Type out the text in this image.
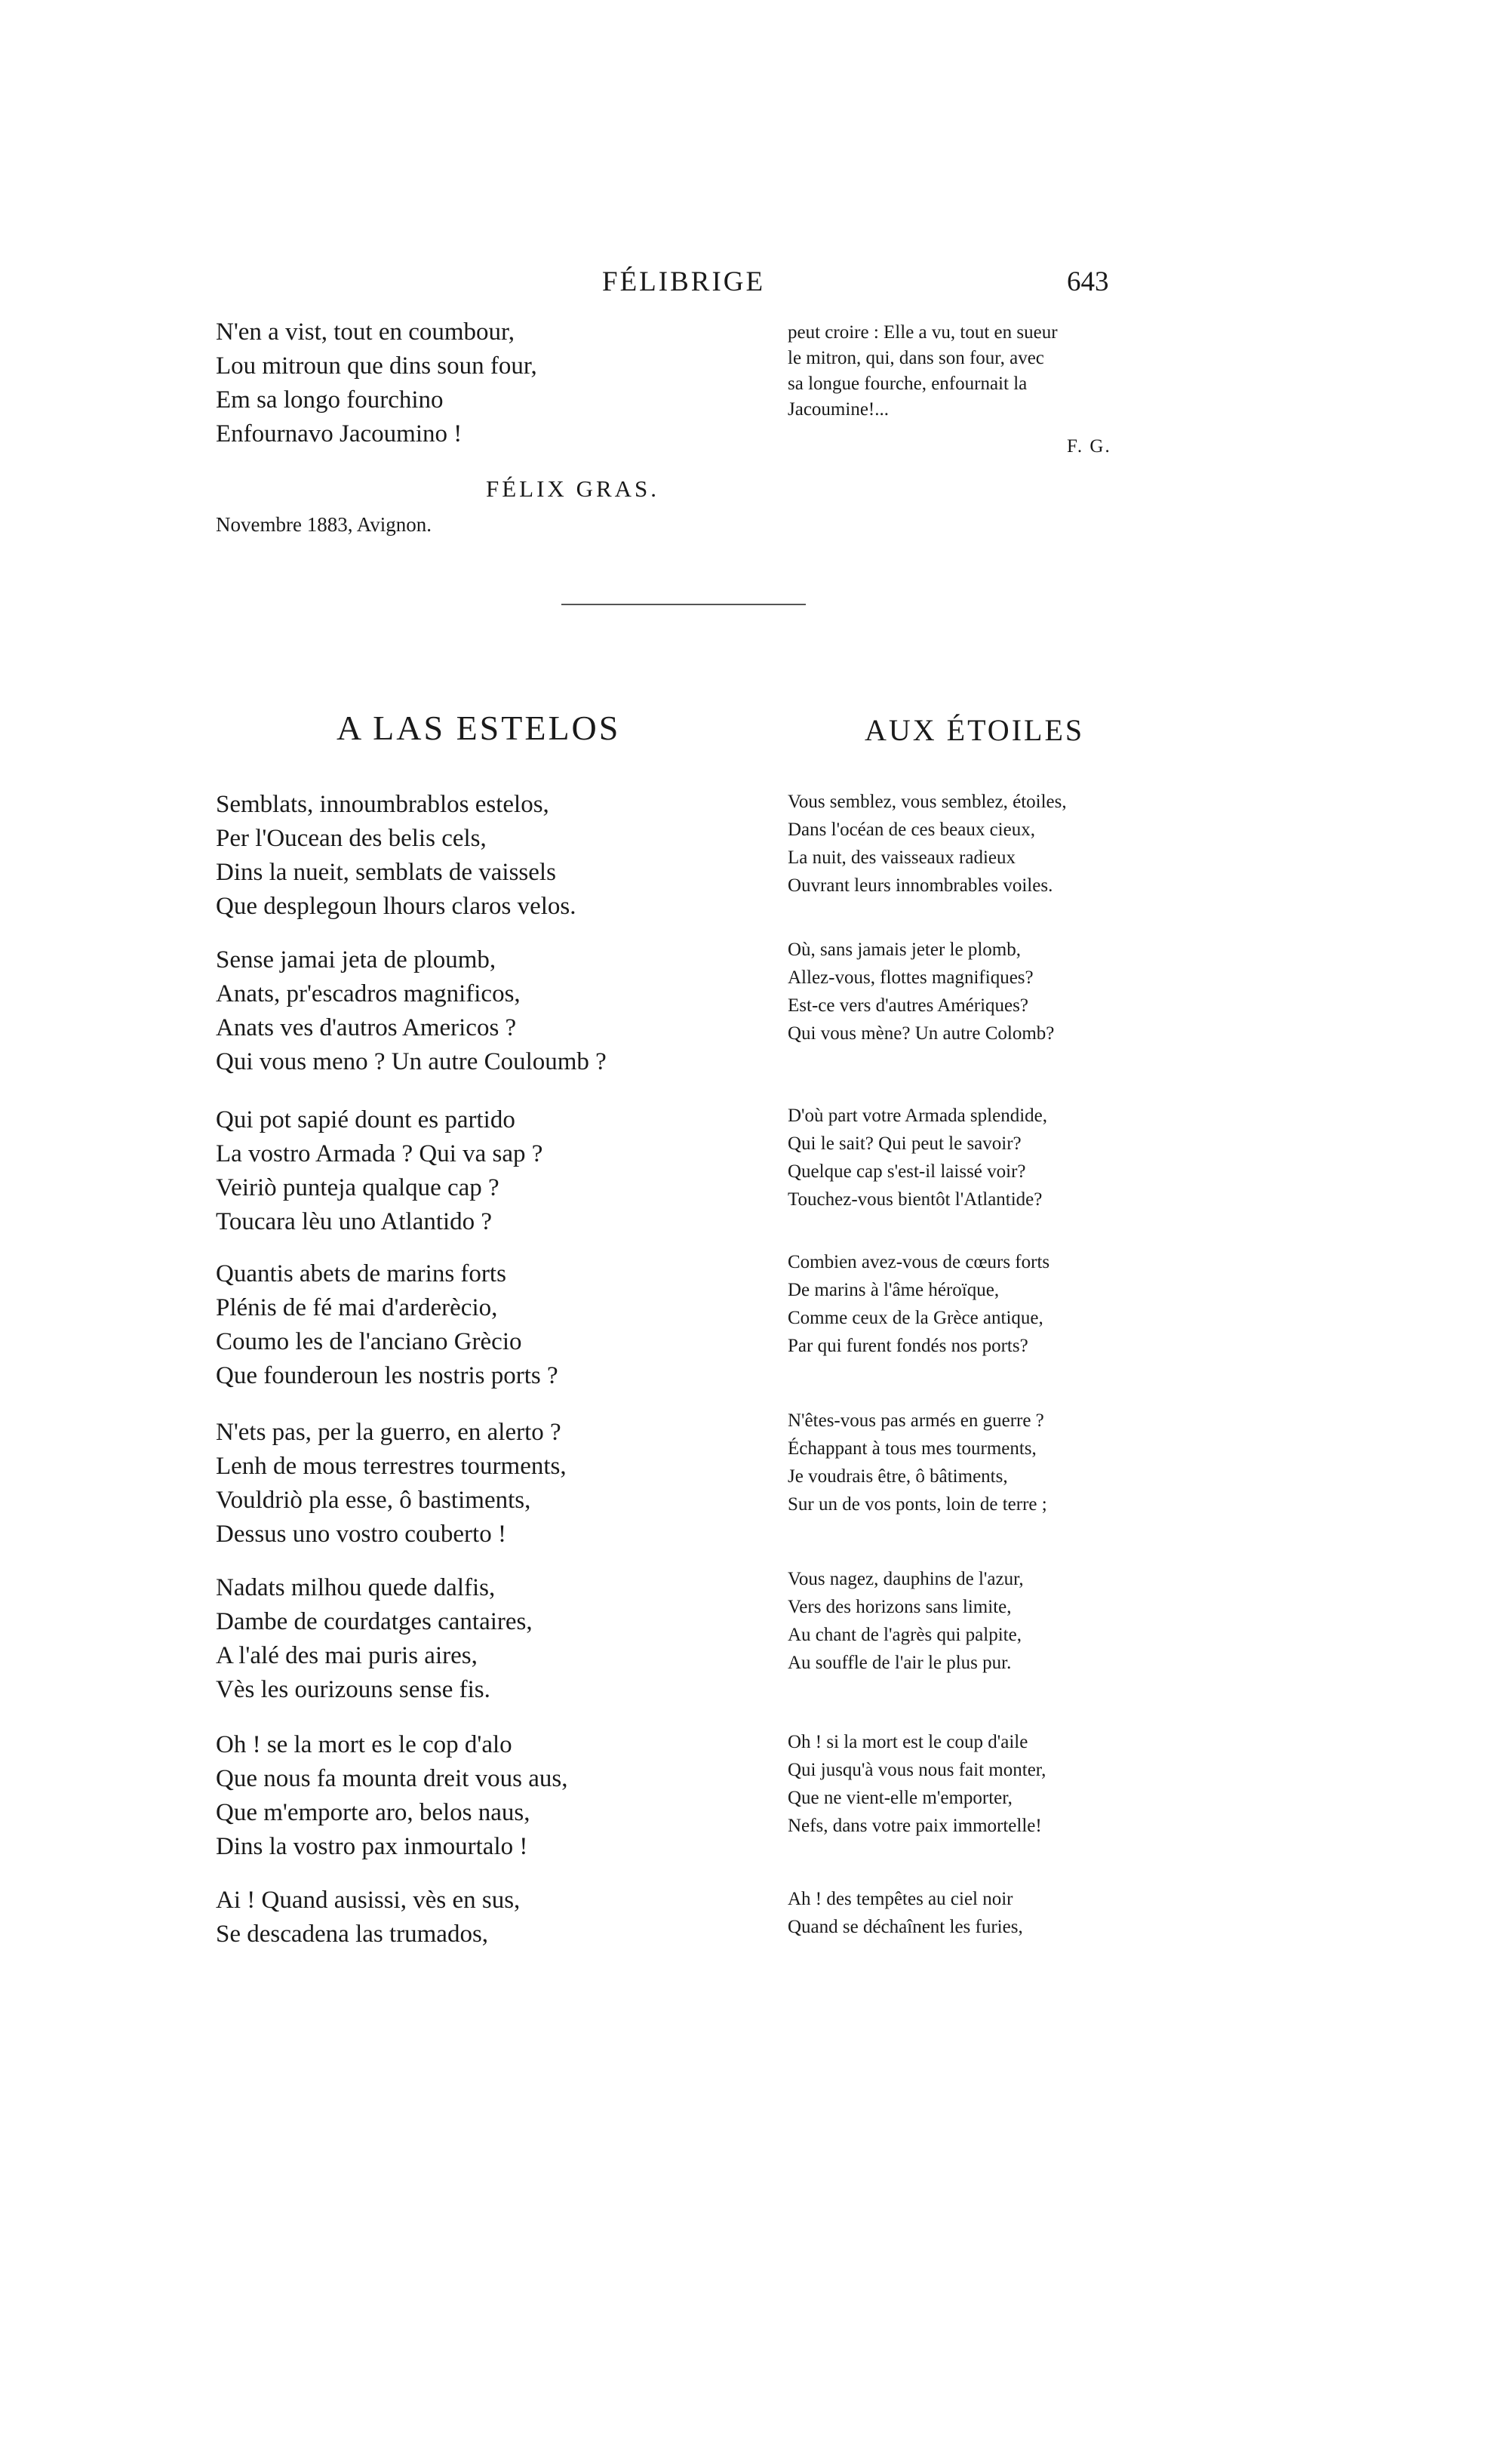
FÉLIBRIGE	643
N'en a vist, tout en coumbour,
Lou mitroun que dins soun four,
Em sa longo fourchino
Enfournavo Jacoumino !
FÉLIX GRAS.
Novembre 1883, Avignon.
peut croire : Elle a vu, tout en sueur
le mitron, qui, dans son four, avec
sa longue fourche, enfournait la
Jacoumine!...
F. G.
A LAS ESTELOS	AUX ÉTOILES
Semblats, innoumbrablos estelos,
Per l'Oucean des belis cels,
Dins la nueit, semblats de vaissels
Que desplegoun lhours claros velos.
Sense jamai jeta de ploumb,
Anats, pr'escadros magnificos,
Anats ves d'autros Americos ?
Qui vous meno ? Un autre Couloumb ?
Qui pot sapié dount es partido
La vostro Armada ? Qui va sap ?
Veiriò punteja qualque cap ?
Toucara lèu uno Atlantido ?
Quantis abets de marins forts
Plénis de fé mai d'arderècio,
Coumo les de l'anciano Grècio
Que founderoun les nostris ports ?
N'ets pas, per la guerro, en alerto ?
Lenh de mous terrestres tourments,
Vouldriò pla esse, ô bastiments,
Dessus uno vostro couberto !
Nadats milhou quede dalfis,
Dambe de courdatges cantaires,
A l'alé des mai puris aires,
Vès les ourizouns sense fis.
Oh ! se la mort es le cop d'alo
Que nous fa mounta dreit vous aus,
Que m'emporte aro, belos naus,
Dins la vostro pax inmourtalo !
Ai ! Quand ausissi, vès en sus,
Se descadena las trumados,
Vous semblez, vous semblez, étoiles,
Dans l'océan de ces beaux cieux,
La nuit, des vaisseaux radieux
Ouvrant leurs innombrables voiles.
Où, sans jamais jeter le plomb,
Allez-vous, flottes magnifiques?
Est-ce vers d'autres Amériques?
Qui vous mène? Un autre Colomb?
D'où part votre Armada splendide,
Qui le sait? Qui peut le savoir?
Quelque cap s'est-il laissé voir?
Touchez-vous bientôt l'Atlantide?
Combien avez-vous de cœurs forts
De marins à l'âme héroïque,
Comme ceux de la Grèce antique,
Par qui furent fondés nos ports?
N'êtes-vous pas armés en guerre ?
Échappant à tous mes tourments,
Je voudrais être, ô bâtiments,
Sur un de vos ponts, loin de terre ;
Vous nagez, dauphins de l'azur,
Vers des horizons sans limite,
Au chant de l'agrès qui palpite,
Au souffle de l'air le plus pur.
Oh ! si la mort est le coup d'aile
Qui jusqu'à vous nous fait monter,
Que ne vient-elle m'emporter,
Nefs, dans votre paix immortelle!
Ah ! des tempêtes au ciel noir
Quand se déchaînent les furies,
